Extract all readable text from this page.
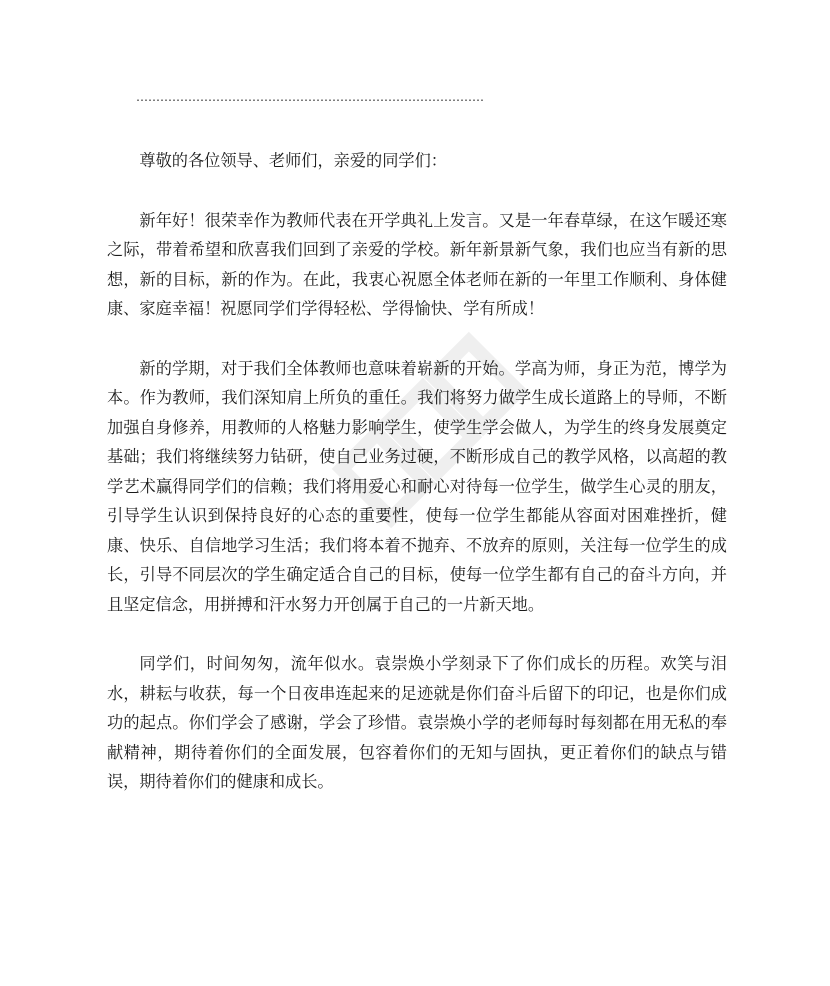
……………………………………………………………………………

尊敬的各位领导、老师们，亲爱的同学们：

新年好！很荣幸作为教师代表在开学典礼上发言。又是一年春草绿，在这乍暖还寒之际，带着希望和欣喜我们回到了亲爱的学校。新年新景新气象，我们也应当有新的思想，新的目标，新的作为。在此，我衷心祝愿全体老师在新的一年里工作顺利、身体健康、家庭幸福！祝愿同学们学得轻松、学得愉快、学有所成！

新的学期，对于我们全体教师也意味着崭新的开始。学高为师，身正为范，博学为本。作为教师，我们深知肩上所负的重任。我们将努力做学生成长道路上的导师，不断加强自身修养，用教师的人格魅力影响学生，使学生学会做人，为学生的终身发展奠定基础；我们将继续努力钻研，使自己业务过硬，不断形成自己的教学风格，以高超的教学艺术赢得同学们的信赖；我们将用爱心和耐心对待每一位学生，做学生心灵的朋友，引导学生认识到保持良好的心态的重要性，使每一位学生都能从容面对困难挫折，健康、快乐、自信地学习生活；我们将本着不抛弃、不放弃的原则，关注每一位学生的成长，引导不同层次的学生确定适合自己的目标，使每一位学生都有自己的奋斗方向，并且坚定信念，用拼搏和汗水努力开创属于自己的一片新天地。

同学们，时间匆匆，流年似水。袁崇焕小学刻录下了你们成长的历程。欢笑与泪水，耕耘与收获，每一个日夜串连起来的足迹就是你们奋斗后留下的印记，也是你们成功的起点。你们学会了感谢，学会了珍惜。袁崇焕小学的老师每时每刻都在用无私的奉献精神，期待着你们的全面发展，包容着你们的无知与固执，更正着你们的缺点与错误，期待着你们的健康和成长。
